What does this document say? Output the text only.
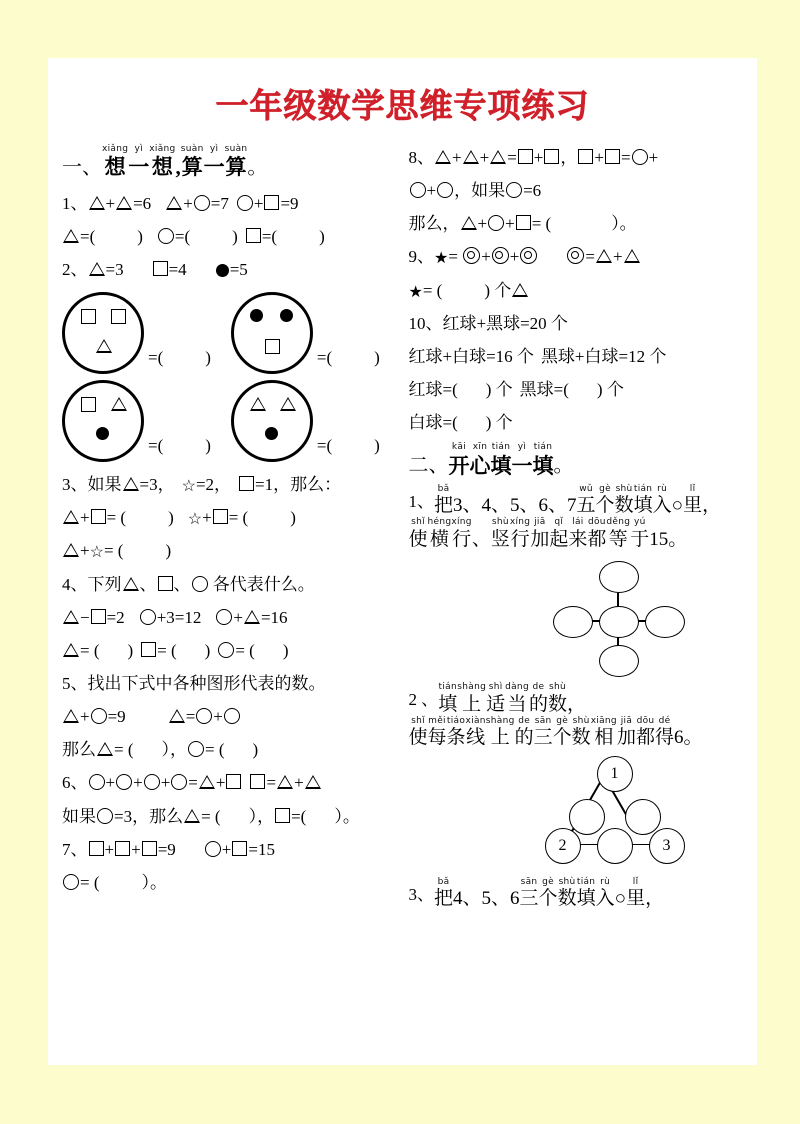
一年级数学思维专项练习
一、
xiǎng
想
yì
一
xiǎng
想
,
suàn
算
yì
一
suàn
算 。
1、 + =6 + =7 + =9
=( ) =( ) =( )
2、 =3	=4	=5
=( )	=( )
=( )	=( )
3、如果 =3， ☆=2， =1，那么：
+ = ( ) ☆+ = ( )
+☆= ( )
4、下列 、 、 各代表什么。
− =2 +3=12 + =16
= ( ) = ( ) = ( )
5、找出下式中各种图形代表的数。
+ =9	= +
那么 = ( ）， = ( )
6、 + + + = + = +
如果 =3，那么 = ( ）， =( ）。
7、 + + =9	+ =15
= ( ）。
8、 + + = + ， + = +
+ ，如果 =6
那么， + + = (	）。
9、★= + +	= +
★= ( ) 个
10、红球+黑球=20 个
红球+白球=16 个 黑球+白球=12 个
红球=( ) 个 黑球=( ) 个
白球=( ) 个
二、
kāi
开
xīn
心
tián
填
yì
一
tián
填 。
1、
bǎ
把
3、4、5、6、7
wǔ
五
gè
个
shù
数
tián
填
rù
入
○
lǐ
里
，
shǐ
使
héng
横
xíng
行
、
shù
竖
xíng
行
jiā
加
qǐ
起
lái
来
dōu
都
děng
等
yú
于
15。
2 、
tián
填
shàng
上
shì
适
dàng
当
de
的
shù
数
，
shǐ
使
měi
每
tiáo
条
xiàn
线
shàng
上
de
的
sān
三
gè
个
shù
数
xiāng
相
jiā
加
dōu
都
dé
得
6。
1
2	3
3、
bǎ
把
4、5、6
sān
三
gè
个
shù
数
tián
填
rù
入
○
lǐ
里
，
